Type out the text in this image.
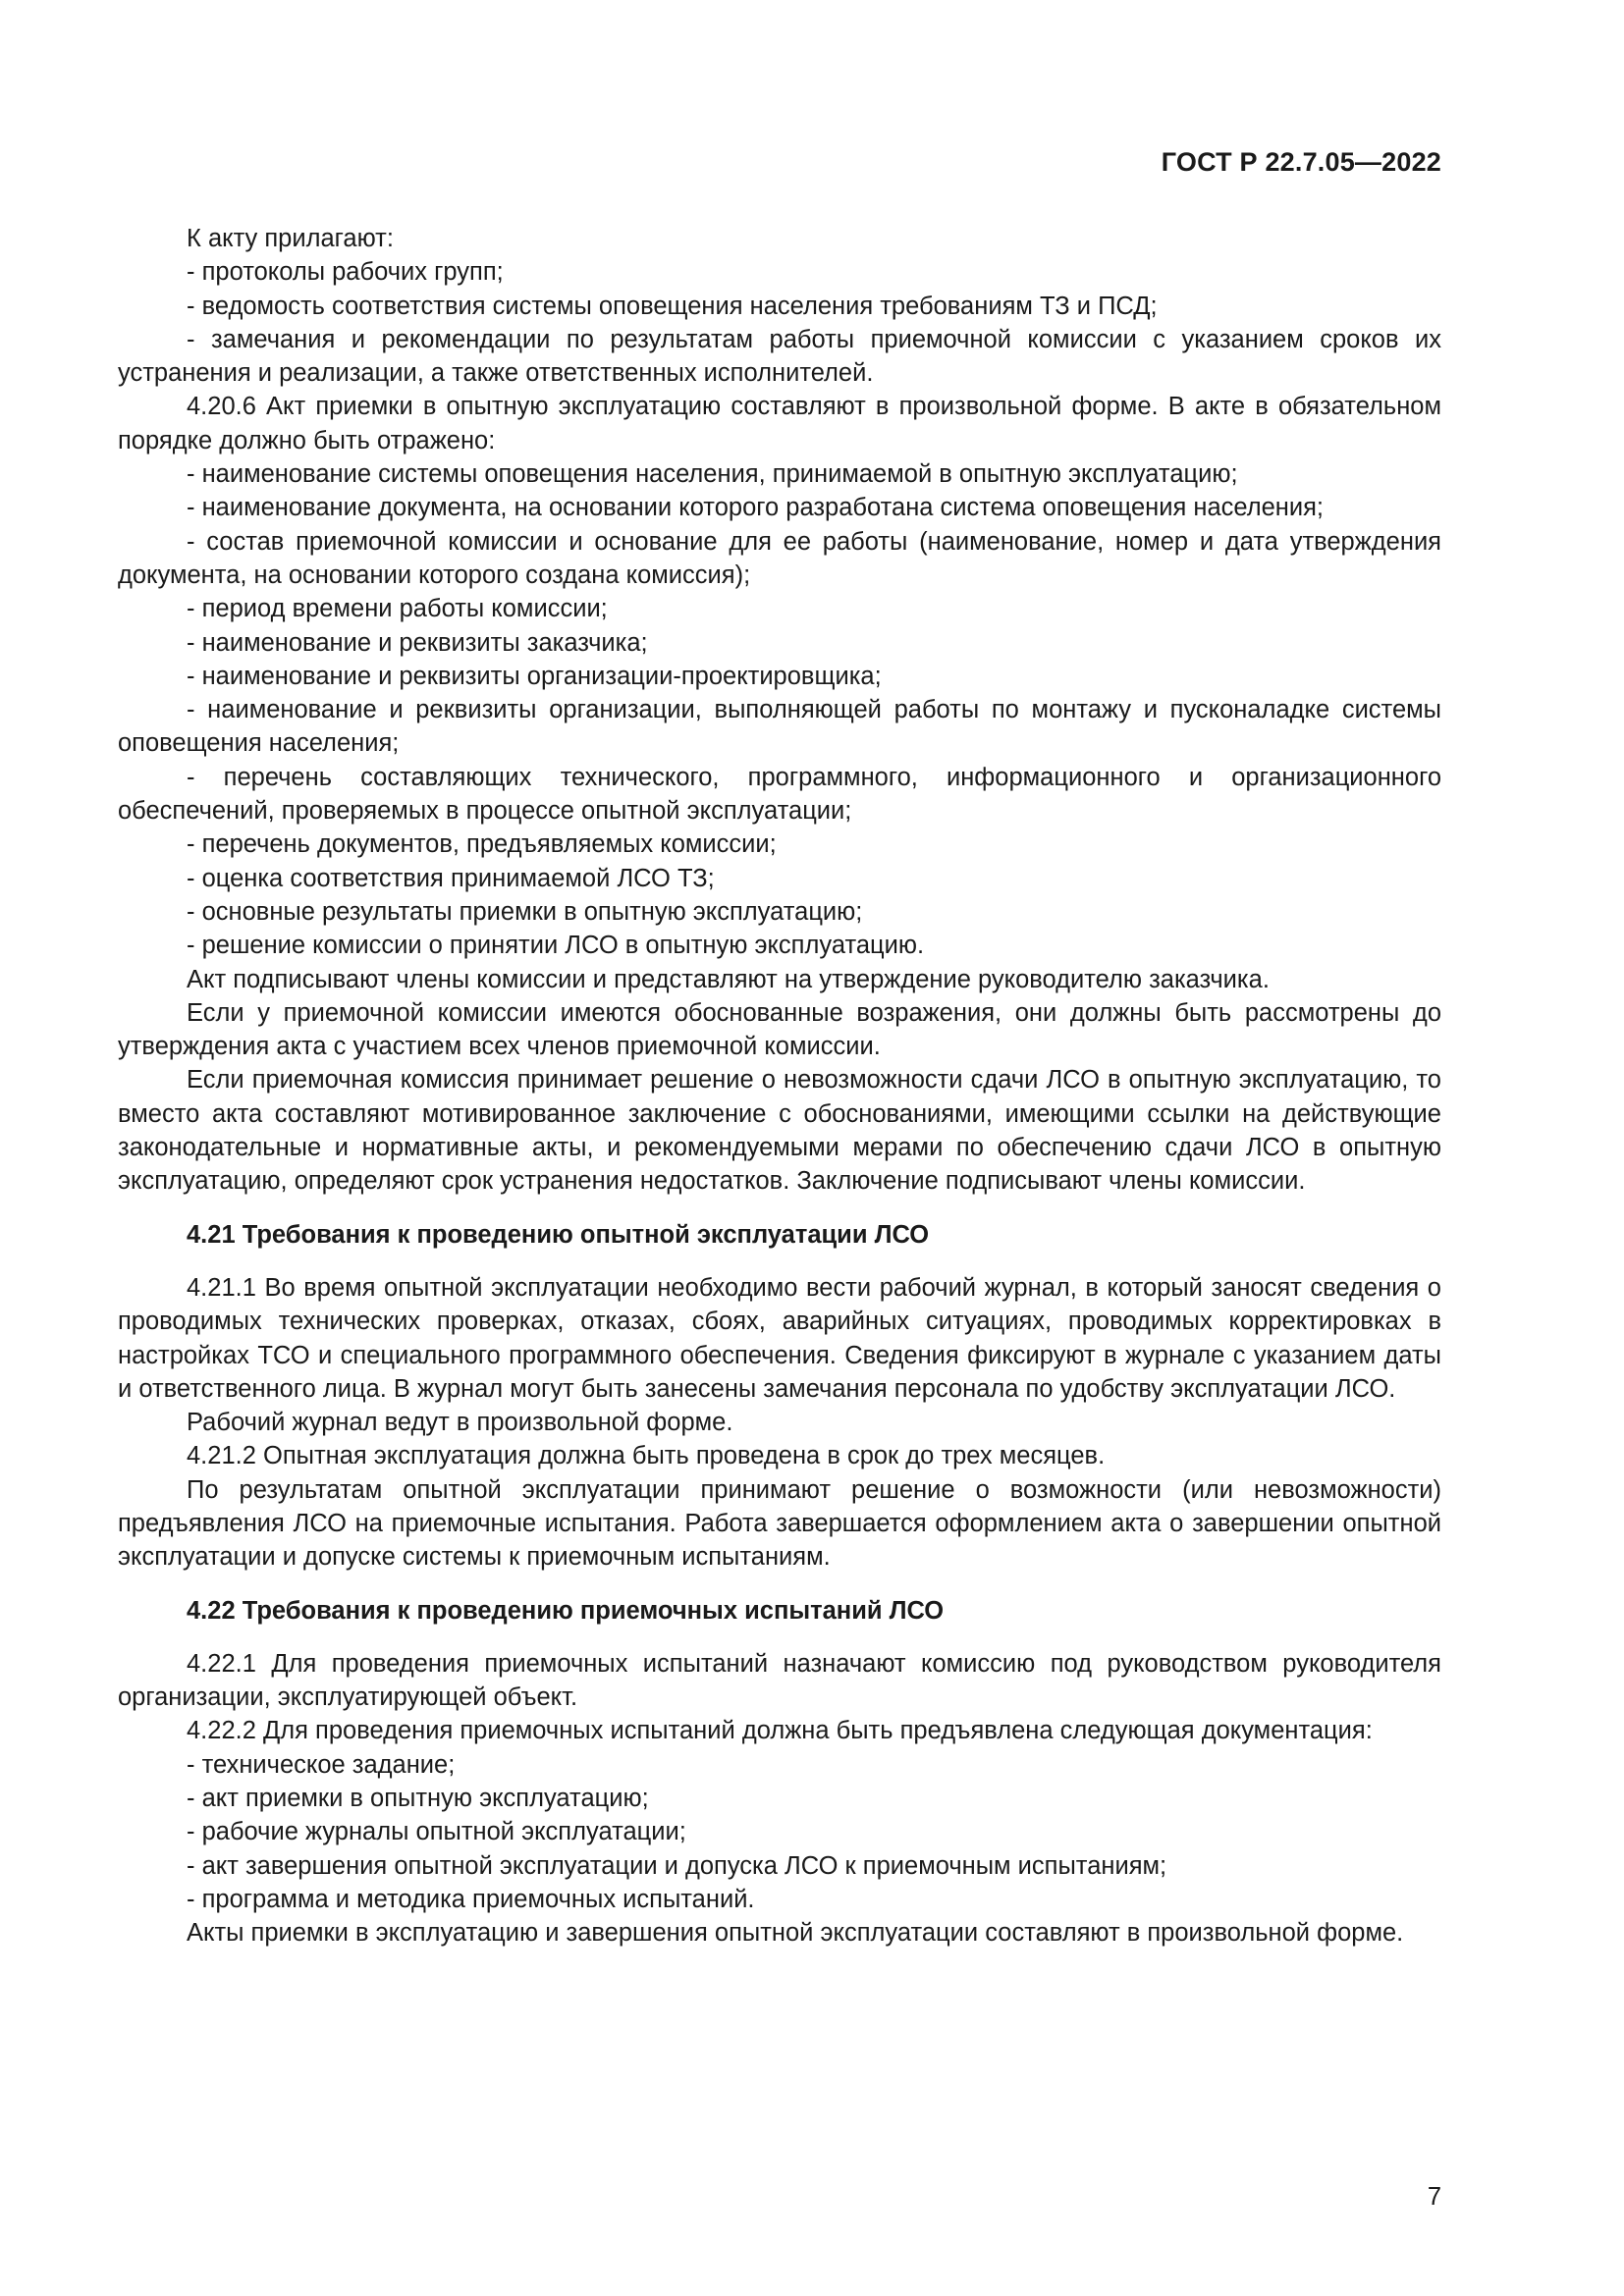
ГОСТ Р 22.7.05—2022

К акту прилагают:

- протоколы рабочих групп;

- ведомость соответствия системы оповещения населения требованиям ТЗ и ПСД;

- замечания и рекомендации по результатам работы приемочной комиссии с указанием сроков их устранения и реализации, а также ответственных исполнителей.

4.20.6 Акт приемки в опытную эксплуатацию составляют в произвольной форме. В акте в обязательном порядке должно быть отражено:

- наименование системы оповещения населения, принимаемой в опытную эксплуатацию;

- наименование документа, на основании которого разработана система оповещения населения;

- состав приемочной комиссии и основание для ее работы (наименование, номер и дата утверждения документа, на основании которого создана комиссия);

- период времени работы комиссии;

- наименование и реквизиты заказчика;

- наименование и реквизиты организации-проектировщика;

- наименование и реквизиты организации, выполняющей работы по монтажу и пусконаладке системы оповещения населения;

- перечень составляющих технического, программного, информационного и организационного обеспечений, проверяемых в процессе опытной эксплуатации;

- перечень документов, предъявляемых комиссии;

- оценка соответствия принимаемой ЛСО ТЗ;

- основные результаты приемки в опытную эксплуатацию;

- решение комиссии о принятии ЛСО в опытную эксплуатацию.

Акт подписывают члены комиссии и представляют на утверждение руководителю заказчика.

Если у приемочной комиссии имеются обоснованные возражения, они должны быть рассмотрены до утверждения акта с участием всех членов приемочной комиссии.

Если приемочная комиссия принимает решение о невозможности сдачи ЛСО в опытную эксплуатацию, то вместо акта составляют мотивированное заключение с обоснованиями, имеющими ссылки на действующие законодательные и нормативные акты, и рекомендуемыми мерами по обеспечению сдачи ЛСО в опытную эксплуатацию, определяют срок устранения недостатков. Заключение подписывают члены комиссии.

4.21 Требования к проведению опытной эксплуатации ЛСО

4.21.1 Во время опытной эксплуатации необходимо вести рабочий журнал, в который заносят сведения о проводимых технических проверках, отказах, сбоях, аварийных ситуациях, проводимых корректировках в настройках ТСО и специального программного обеспечения. Сведения фиксируют в журнале с указанием даты и ответственного лица. В журнал могут быть занесены замечания персонала по удобству эксплуатации ЛСО.

Рабочий журнал ведут в произвольной форме.

4.21.2 Опытная эксплуатация должна быть проведена в срок до трех месяцев.

По результатам опытной эксплуатации принимают решение о возможности (или невозможности) предъявления ЛСО на приемочные испытания. Работа завершается оформлением акта о завершении опытной эксплуатации и допуске системы к приемочным испытаниям.

4.22 Требования к проведению приемочных испытаний ЛСО

4.22.1 Для проведения приемочных испытаний назначают комиссию под руководством руководителя организации, эксплуатирующей объект.

4.22.2 Для проведения приемочных испытаний должна быть предъявлена следующая документация:

- техническое задание;

- акт приемки в опытную эксплуатацию;

- рабочие журналы опытной эксплуатации;

- акт завершения опытной эксплуатации и допуска ЛСО к приемочным испытаниям;

- программа и методика приемочных испытаний.

Акты приемки в эксплуатацию и завершения опытной эксплуатации составляют в произвольной форме.

7
